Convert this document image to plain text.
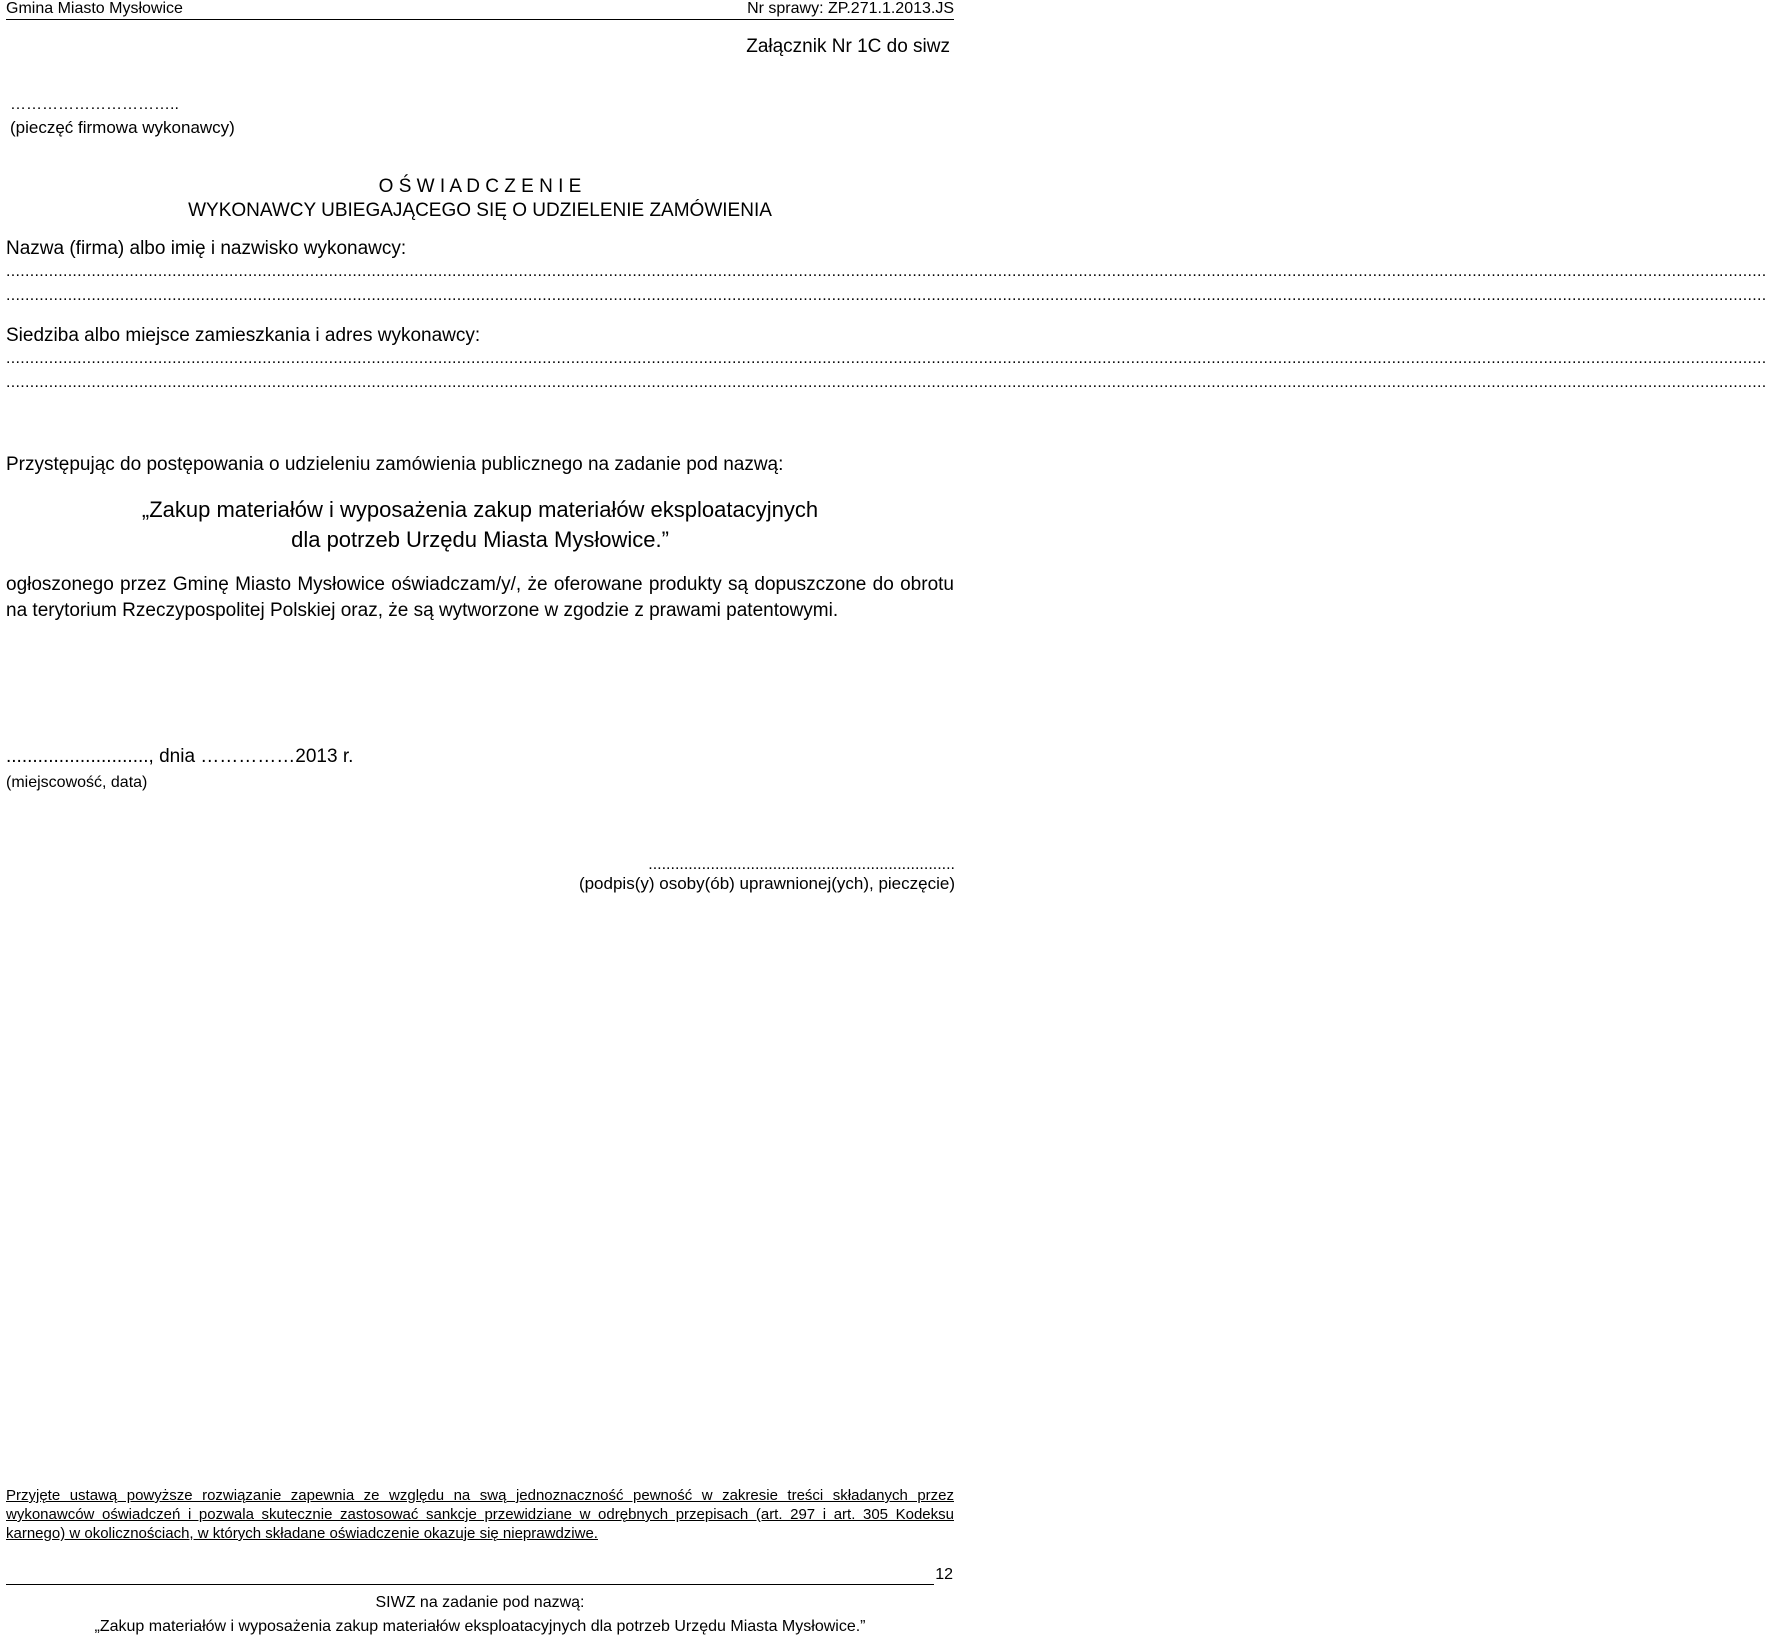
Gmina Miasto Mysłowice	Nr sprawy: ZP.271.1.2013.JS
Załącznik Nr 1C do siwz
…………………………..
(pieczęć firmowa wykonawcy)
O Ś W I A D C Z E N I E
WYKONAWCY UBIEGAJĄCEGO SIĘ O UDZIELENIE ZAMÓWIENIA
Nazwa (firma) albo imię i nazwisko wykonawcy:
...................................................................................................................................................................................................................................................................................................................................................................................
...................................................................................................................................................................................................................................................................................................................................................................................
Siedziba albo miejsce zamieszkania i adres wykonawcy:
...................................................................................................................................................................................................................................................................................................................................................................................
...................................................................................................................................................................................................................................................................................................................................................................................
Przystępując do postępowania o udzieleniu zamówienia publicznego na zadanie pod nazwą:
„Zakup materiałów i wyposażenia zakup materiałów eksploatacyjnych
dla potrzeb Urzędu Miasta Mysłowice.”
ogłoszonego przez Gminę Miasto Mysłowice oświadczam/y/, że oferowane produkty są dopuszczone do obrotu na terytorium Rzeczypospolitej Polskiej oraz, że są wytworzone w zgodzie z prawami patentowymi.
..........................., dnia ……………2013 r.
(miejscowość, data)
.....................................................................
(podpis(y) osoby(ób) uprawnionej(ych), pieczęcie)
Przyjęte ustawą powyższe rozwiązanie zapewnia ze względu na swą jednoznaczność pewność w zakresie treści składanych przez wykonawców oświadczeń i pozwala skutecznie zastosować sankcje przewidziane w odrębnych przepisach (art. 297 i art. 305 Kodeksu karnego) w okolicznościach, w których składane oświadczenie okazuje się nieprawdziwe.
12
SIWZ na zadanie pod nazwą:
„Zakup materiałów i wyposażenia zakup materiałów eksploatacyjnych dla potrzeb Urzędu Miasta Mysłowice.”
